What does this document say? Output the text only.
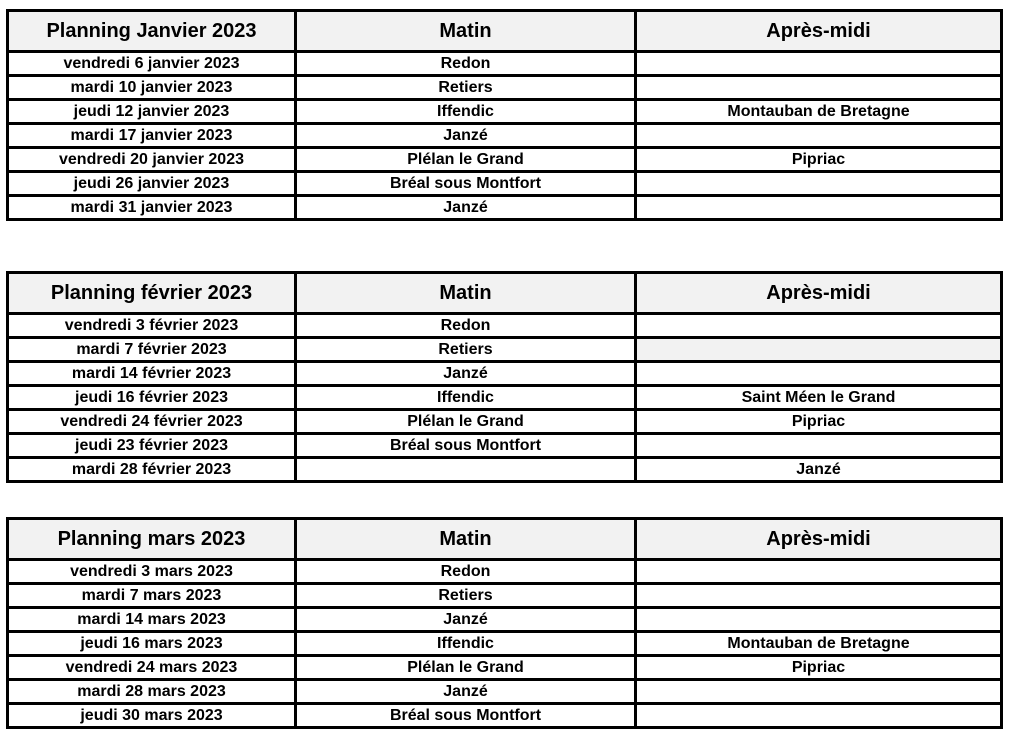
Planning Janvier 2023	Matin	Après-midi
vendredi 6 janvier 2023	Redon	
mardi 10 janvier 2023	Retiers	
jeudi 12 janvier 2023	Iffendic	Montauban de Bretagne
mardi 17 janvier 2023	Janzé	
vendredi 20 janvier 2023	Plélan le Grand	Pipriac
jeudi 26 janvier 2023	Bréal sous Montfort	
mardi 31 janvier 2023	Janzé	
Planning février 2023	Matin	Après-midi
vendredi 3 février 2023	Redon	
mardi 7 février 2023	Retiers	
mardi 14 février 2023	Janzé	
jeudi 16 février 2023	Iffendic	Saint Méen le Grand
vendredi 24 février 2023	Plélan le Grand	Pipriac
jeudi 23 février 2023	Bréal sous Montfort	
mardi 28 février 2023		Janzé
Planning mars 2023	Matin	Après-midi
vendredi 3 mars 2023	Redon	
mardi 7 mars 2023	Retiers	
mardi 14 mars 2023	Janzé	
jeudi 16 mars 2023	Iffendic	Montauban de Bretagne
vendredi 24 mars 2023	Plélan le Grand	Pipriac
mardi 28 mars 2023	Janzé	
jeudi 30 mars 2023	Bréal sous Montfort	
